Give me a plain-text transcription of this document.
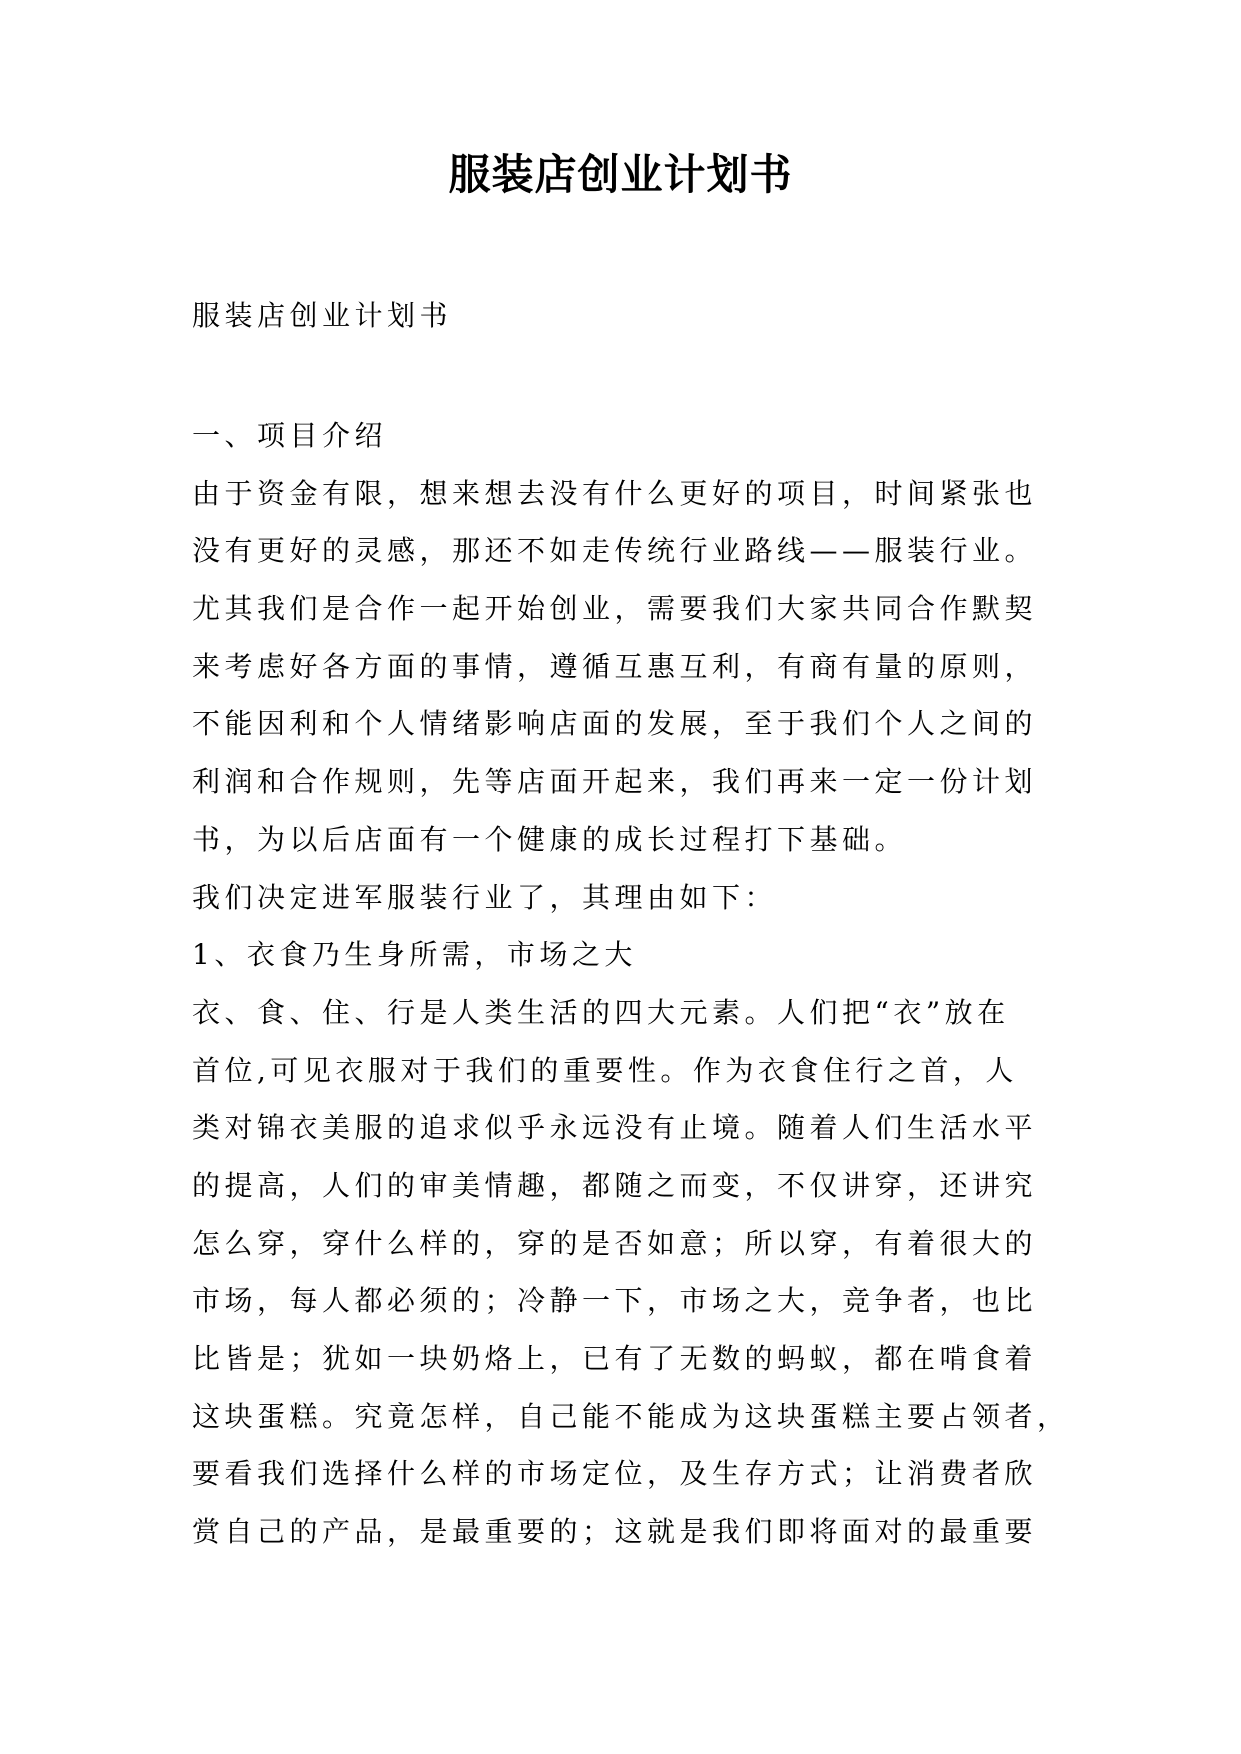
服装店创业计划书
服装店创业计划书
一、项目介绍
由于资金有限，想来想去没有什么更好的项目，时间紧张也
没有更好的灵感，那还不如走传统行业路线——服装行业。
尤其我们是合作一起开始创业，需要我们大家共同合作默契
来考虑好各方面的事情，遵循互惠互利，有商有量的原则，
不能因利和个人情绪影响店面的发展，至于我们个人之间的
利润和合作规则，先等店面开起来，我们再来一定一份计划
书，为以后店面有一个健康的成长过程打下基础。
我们决定进军服装行业了，其理由如下：
1、衣食乃生身所需，市场之大
衣、食、住、行是人类生活的四大元素。人们把“衣”放在
首位,可见衣服对于我们的重要性。作为衣食住行之首，人
类对锦衣美服的追求似乎永远没有止境。随着人们生活水平
的提高，人们的审美情趣，都随之而变，不仅讲穿，还讲究
怎么穿，穿什么样的，穿的是否如意；所以穿，有着很大的
市场，每人都必须的；冷静一下，市场之大，竞争者，也比
比皆是；犹如一块奶烙上，已有了无数的蚂蚁，都在啃食着
这块蛋糕。究竟怎样，自己能不能成为这块蛋糕主要占领者，
要看我们选择什么样的市场定位，及生存方式；让消费者欣
赏自己的产品，是最重要的；这就是我们即将面对的最重要
